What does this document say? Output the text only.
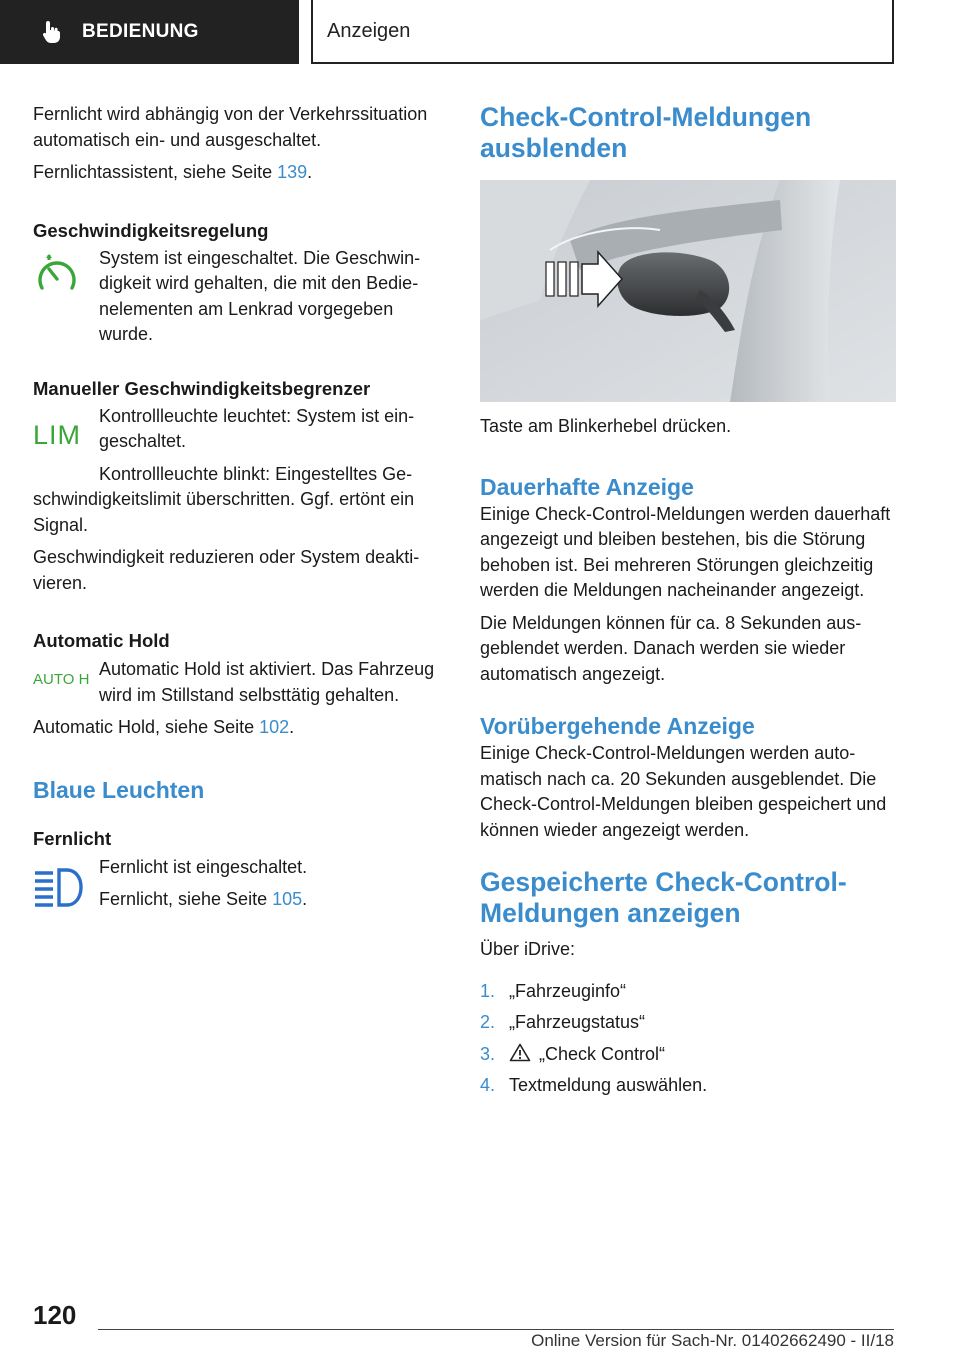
BEDIENUNG	Anzeigen

Fernlicht wird abhängig von der Verkehrssituation automatisch ein- und ausgeschaltet.

Fernlichtassistent, siehe Seite 139.

Geschwindigkeitsregelung

System ist eingeschaltet. Die Geschwindigkeit wird gehalten, die mit den Bedienelementen am Lenkrad vorgegeben wurde.

Manueller Geschwindigkeitsbegrenzer
LIM

Kontrollleuchte leuchtet: System ist eingeschaltet.

Kontrollleuchte blinkt: Eingestelltes Geschwindigkeitslimit überschritten. Ggf. ertönt ein Signal.

Geschwindigkeit reduzieren oder System deaktivieren.

Automatic Hold
AUTO H

Automatic Hold ist aktiviert. Das Fahrzeug wird im Stillstand selbsttätig gehalten.

Automatic Hold, siehe Seite 102.

Blaue Leuchten
Fernlicht

Fernlicht ist eingeschaltet.

Fernlicht, siehe Seite 105.

Check-Control-Meldungen ausblenden

Taste am Blinkerhebel drücken.

Dauerhafte Anzeige

Einige Check-Control-Meldungen werden dauerhaft angezeigt und bleiben bestehen, bis die Störung behoben ist. Bei mehreren Störungen gleichzeitig werden die Meldungen nacheinander angezeigt.

Die Meldungen können für ca. 8 Sekunden ausgeblendet werden. Danach werden sie wieder automatisch angezeigt.

Vorübergehende Anzeige

Einige Check-Control-Meldungen werden automatisch nach ca. 20 Sekunden ausgeblendet. Die Check-Control-Meldungen bleiben gespeichert und können wieder angezeigt werden.

Gespeicherte Check-Control-Meldungen anzeigen

Über iDrive:

1. „Fahrzeuginfo“
2. „Fahrzeugstatus“
3. „Check Control“
4. Textmeldung auswählen.
120
Online Version für Sach-Nr. 01402662490 - II/18
